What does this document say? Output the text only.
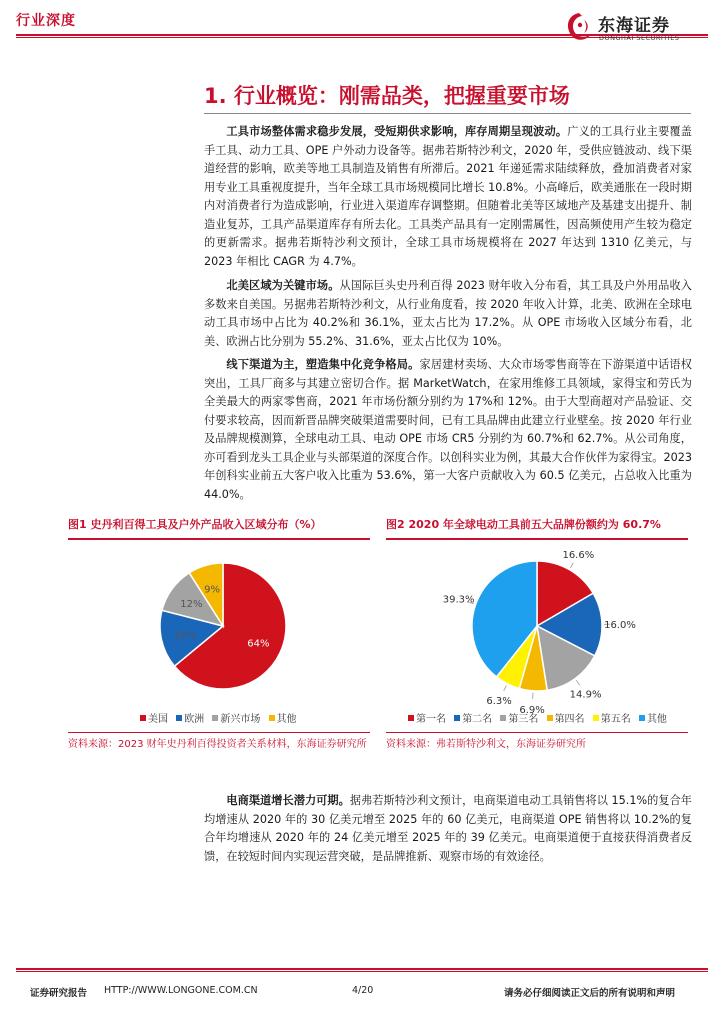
行业深度	东海证券
DONGHAI SECURITIES
1. 行业概览：刚需品类，把握重要市场

工具市场整体需求稳步发展，受短期供求影响，库存周期呈现波动。广义的工具行业主要覆盖手工具、动力工具、OPE 户外动力设备等。据弗若斯特沙利文，2020 年，受供应链波动、线下渠道经营的影响，欧美等地工具制造及销售有所滞后。2021 年递延需求陆续释放，叠加消费者对家用专业工具重视度提升，当年全球工具市场规模同比增长 10.8%。小高峰后，欧美通胀在一段时期内对消费者行为造成影响，行业进入渠道库存调整期。但随着北美等区域地产及基建支出提升、制造业复苏，工具产品渠道库存有所去化。工具类产品具有一定刚需属性，因高频使用产生较为稳定的更新需求。据弗若斯特沙利文预计，全球工具市场规模将在 2027 年达到 1310 亿美元，与 2023 年相比 CAGR 为 4.7%。

北美区域为关键市场。从国际巨头史丹利百得 2023 财年收入分布看，其工具及户外用品收入多数来自美国。另据弗若斯特沙利文，从行业角度看，按 2020 年收入计算，北美、欧洲在全球电动工具市场中占比为 40.2%和 36.1%，亚太占比为 17.2%。从 OPE 市场收入区域分布看，北美、欧洲占比分别为 55.2%、31.6%，亚太占比仅为 10%。

线下渠道为主，塑造集中化竞争格局。家居建材卖场、大众市场零售商等在下游渠道中话语权突出，工具厂商多与其建立密切合作。据 MarketWatch，在家用维修工具领域，家得宝和劳氏为全美最大的两家零售商，2021 年市场份额分别约为 17%和 12%。由于大型商超对产品验证、交付要求较高，因而新晋品牌突破渠道需要时间，已有工具品牌由此建立行业壁垒。按 2020 年行业及品牌规模测算，全球电动工具、电动 OPE 市场 CR5 分别约为 60.7%和 62.7%。从公司角度，亦可看到龙头工具企业与头部渠道的深度合作。以创科实业为例，其最大合作伙伴为家得宝。2023 年创科实业前五大客户收入比重为 53.6%，第一大客户贡献收入为 60.5 亿美元，占总收入比重为 44.0%。

图1 史丹利百得工具及户外产品收入区域分布（%）
64%
15%
12%
9%
美国 欧洲 新兴市场 其他
资料来源：2023 财年史丹利百得投资者关系材料，东海证券研究所
图2 2020 年全球电动工具前五大品牌份额约为 60.7%
16.6%
16.0%
14.9%
6.9%
6.3%
39.3%
第一名 第二名 第三名 第四名 第五名 其他
资料来源：弗若斯特沙利文，东海证券研究所

电商渠道增长潜力可期。据弗若斯特沙利文预计，电商渠道电动工具销售将以 15.1%的复合年均增速从 2020 年的 30 亿美元增至 2025 年的 60 亿美元，电商渠道 OPE 销售将以 10.2%的复合年均增速从 2020 年的 24 亿美元增至 2025 年的 39 亿美元。电商渠道便于直接获得消费者反馈，在较短时间内实现运营突破，是品牌推新、观察市场的有效途径。

证券研究报告 HTTP://WWW.LONGONE.COM.CN	4/20	请务必仔细阅读正文后的所有说明和声明
